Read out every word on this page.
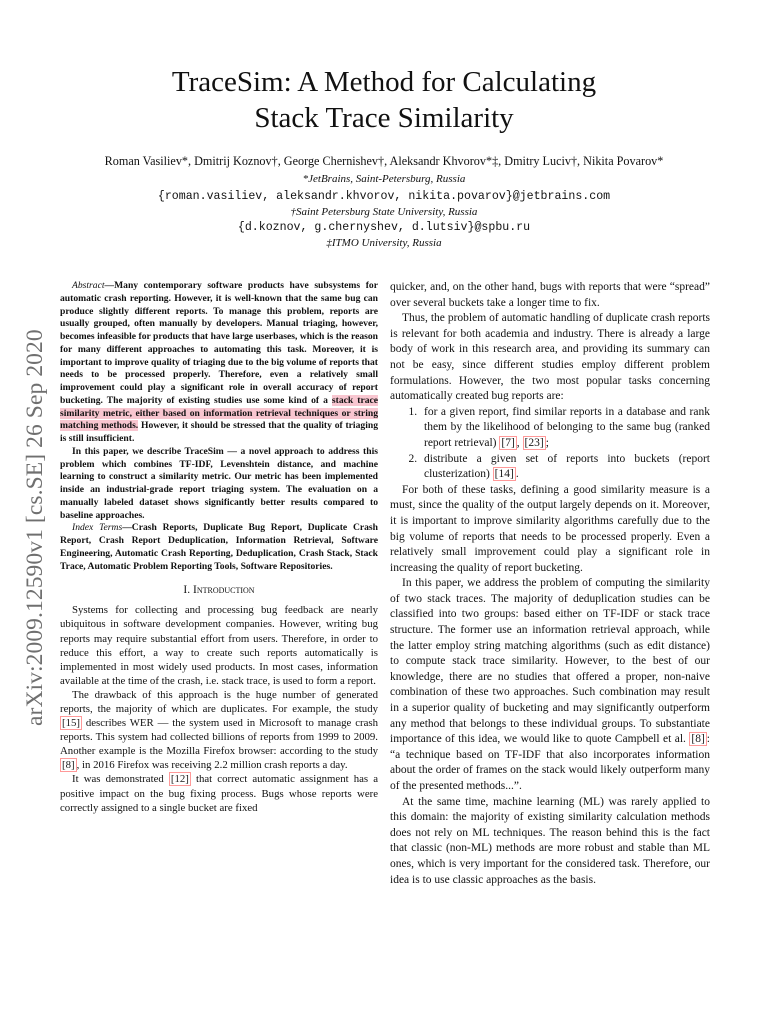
arXiv:2009.12590v1 [cs.SE] 26 Sep 2020
TraceSim: A Method for Calculating
Stack Trace Similarity
Roman Vasiliev*, Dmitrij Koznov†, George Chernishev†, Aleksandr Khvorov*‡, Dmitry Luciv†, Nikita Povarov*
*JetBrains, Saint-Petersburg, Russia
{roman.vasiliev, aleksandr.khvorov, nikita.povarov}@jetbrains.com
†Saint Petersburg State University, Russia
{d.koznov, g.chernyshev, d.lutsiv}@spbu.ru
‡ITMO University, Russia

Abstract—Many contemporary software products have subsystems for automatic crash reporting. However, it is well-known that the same bug can produce slightly different reports. To manage this problem, reports are usually grouped, often manually by developers. Manual triaging, however, becomes infeasible for products that have large userbases, which is the reason for many different approaches to automating this task. Moreover, it is important to improve quality of triaging due to the big volume of reports that needs to be processed properly. Therefore, even a relatively small improvement could play a significant role in overall accuracy of report bucketing. The majority of existing studies use some kind of a stack trace similarity metric, either based on information retrieval techniques or string matching methods. However, it should be stressed that the quality of triaging is still insufficient.

In this paper, we describe TraceSim — a novel approach to address this problem which combines TF-IDF, Levenshtein distance, and machine learning to construct a similarity metric. Our metric has been implemented inside an industrial-grade report triaging system. The evaluation on a manually labeled dataset shows significantly better results compared to baseline approaches.

Index Terms—Crash Reports, Duplicate Bug Report, Duplicate Crash Report, Crash Report Deduplication, Information Retrieval, Software Engineering, Automatic Crash Reporting, Deduplication, Crash Stack, Stack Trace, Automatic Problem Reporting Tools, Software Repositories.

I. Introduction

Systems for collecting and processing bug feedback are nearly ubiquitous in software development companies. However, writing bug reports may require substantial effort from users. Therefore, in order to reduce this effort, a way to create such reports automatically is implemented in most widely used products. In most cases, information available at the time of the crash, i.e. stack trace, is used to form a report.

The drawback of this approach is the huge number of generated reports, the majority of which are duplicates. For example, the study [15] describes WER — the system used in Microsoft to manage crash reports. This system had collected billions of reports from 1999 to 2009. Another example is the Mozilla Firefox browser: according to the study [8] , in 2016 Firefox was receiving 2.2 million crash reports a day.

It was demonstrated [12] that correct automatic assignment has a positive impact on the bug fixing process. Bugs whose reports were correctly assigned to a single bucket are fixed

quicker, and, on the other hand, bugs with reports that were “spread” over several buckets take a longer time to fix.

Thus, the problem of automatic handling of duplicate crash reports is relevant for both academia and industry. There is already a large body of work in this research area, and providing its summary can not be easy, since different studies employ different problem formulations. However, the two most popular tasks concerning automatically created bug reports are:

1. for a given report, find similar reports in a database and rank them by the likelihood of belonging to the same bug (ranked report retrieval) [7] , [23] ;
2. distribute a given set of reports into buckets (report clusterization) [14] .

For both of these tasks, defining a good similarity measure is a must, since the quality of the output largely depends on it. Moreover, it is important to improve similarity algorithms carefully due to the big volume of reports that needs to be processed properly. Even a relatively small improvement could play a significant role in increasing the quality of report bucketing.

In this paper, we address the problem of computing the similarity of two stack traces. The majority of deduplication studies can be classified into two groups: based either on TF-IDF or stack trace structure. The former use an information retrieval approach, while the latter employ string matching algorithms (such as edit distance) to compute stack trace similarity. However, to the best of our knowledge, there are no studies that offered a proper, non-naive combination of these two approaches. Such combination may result in a superior quality of bucketing and may significantly outperform any method that belongs to these individual groups. To substantiate importance of this idea, we would like to quote Campbell et al. [8] : “a technique based on TF-IDF that also incorporates information about the order of frames on the stack would likely outperform many of the presented methods...”.

At the same time, machine learning (ML) was rarely applied to this domain: the majority of existing similarity calculation methods does not rely on ML techniques. The reason behind this is the fact that classic (non-ML) methods are more robust and stable than ML ones, which is very important for the considered task. Therefore, our idea is to use classic approaches as the basis.
